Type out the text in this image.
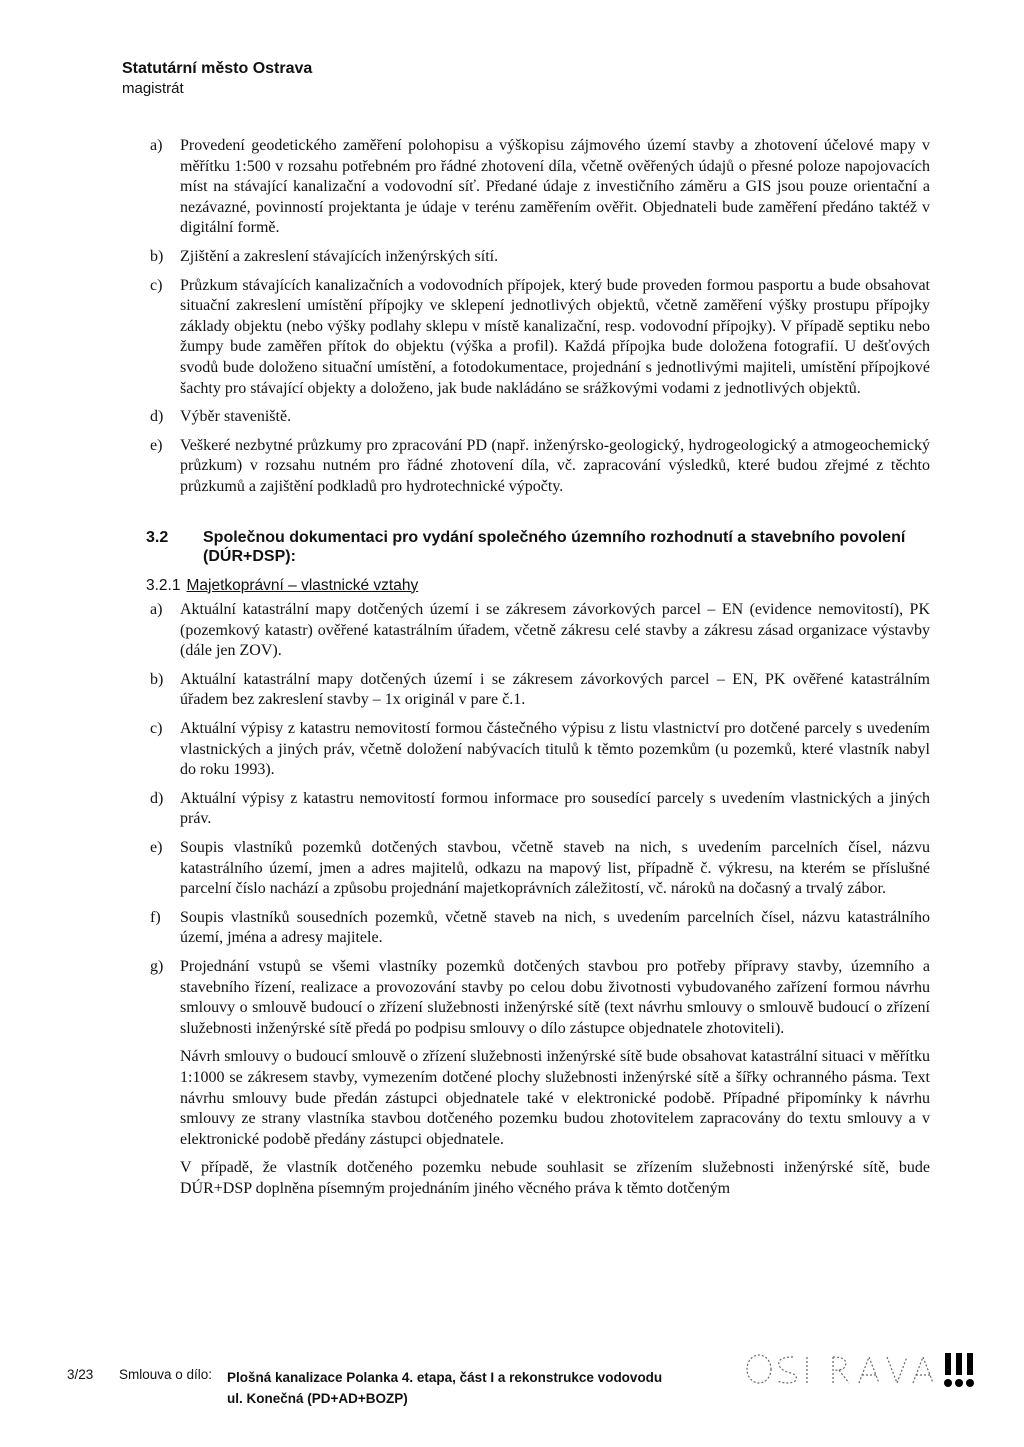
Statutární město Ostrava
magistrát
a) Provedení geodetického zaměření polohopisu a výškopisu zájmového území stavby a zhotovení účelové mapy v měřítku 1:500 v rozsahu potřebném pro řádné zhotovení díla, včetně ověřených údajů o přesné poloze napojovacích míst na stávající kanalizační a vodovodní síť. Předané údaje z investičního záměru a GIS jsou pouze orientační a nezávazné, povinností projektanta je údaje v terénu zaměřením ověřit. Objednateli bude zaměření předáno taktéž v digitální formě.
b) Zjištění a zakreslení stávajících inženýrských sítí.
c) Průzkum stávajících kanalizačních a vodovodních přípojek, který bude proveden formou pasportu a bude obsahovat situační zakreslení umístění přípojky ve sklepení jednotlivých objektů, včetně zaměření výšky prostupu přípojky základy objektu (nebo výšky podlahy sklepu v místě kanalizační, resp. vodovodní přípojky). V případě septiku nebo žumpy bude zaměřen přítok do objektu (výška a profil). Každá přípojka bude doložena fotografií. U dešťových svodů bude doloženo situační umístění, a fotodokumentace, projednání s jednotlivými majiteli, umístění přípojkové šachty pro stávající objekty a doloženo, jak bude nakládáno se srážkovými vodami z jednotlivých objektů.
d) Výběr staveniště.
e) Veškeré nezbytné průzkumy pro zpracování PD (např. inženýrsko-geologický, hydrogeologický a atmogeochemický průzkum) v rozsahu nutném pro řádné zhotovení díla, vč. zapracování výsledků, které budou zřejmé z těchto průzkumů a zajištění podkladů pro hydrotechnické výpočty.
3.2 Společnou dokumentaci pro vydání společného územního rozhodnutí a stavebního povolení (DÚR+DSP):
3.2.1 Majetkoprávní – vlastnické vztahy
a) Aktuální katastrální mapy dotčených území i se zákresem závorkových parcel – EN (evidence nemovitostí), PK (pozemkový katastr) ověřené katastrálním úřadem, včetně zákresu celé stavby a zákresu zásad organizace výstavby (dále jen ZOV).
b) Aktuální katastrální mapy dotčených území i se zákresem závorkových parcel – EN, PK ověřené katastrálním úřadem bez zakreslení stavby – 1x originál v pare č.1.
c) Aktuální výpisy z katastru nemovitostí formou částečného výpisu z listu vlastnictví pro dotčené parcely s uvedením vlastnických a jiných práv, včetně doložení nabývacích titulů k těmto pozemkům (u pozemků, které vlastník nabyl do roku 1993).
d) Aktuální výpisy z katastru nemovitostí formou informace pro sousedící parcely s uvedením vlastnických a jiných práv.
e) Soupis vlastníků pozemků dotčených stavbou, včetně staveb na nich, s uvedením parcelních čísel, názvu katastrálního území, jmen a adres majitelů, odkazu na mapový list, případně č. výkresu, na kterém se příslušné parcelní číslo nachází a způsobu projednání majetkoprávních záležitostí, vč. nároků na dočasný a trvalý zábor.
f) Soupis vlastníků sousedních pozemků, včetně staveb na nich, s uvedením parcelních čísel, názvu katastrálního území, jména a adresy majitele.
g) Projednání vstupů se všemi vlastníky pozemků dotčených stavbou pro potřeby přípravy stavby, územního a stavebního řízení, realizace a provozování stavby po celou dobu životnosti vybudovaného zařízení formou návrhu smlouvy o smlouvě budoucí o zřízení služebnosti inženýrské sítě (text návrhu smlouvy o smlouvě budoucí o zřízení služebnosti inženýrské sítě předá po podpisu smlouvy o dílo zástupce objednatele zhotoviteli).

Návrh smlouvy o budoucí smlouvě o zřízení služebnosti inženýrské sítě bude obsahovat katastrální situaci v měřítku 1:1000 se zákresem stavby, vymezením dotčené plochy služebnosti inženýrské sítě a šířky ochranného pásma. Text návrhu smlouvy bude předán zástupci objednatele také v elektronické podobě. Případné připomínky k návrhu smlouvy ze strany vlastníka stavbou dotčeného pozemku budou zhotovitelem zapracovány do textu smlouvy a v elektronické podobě předány zástupci objednatele.

V případě, že vlastník dotčeného pozemku nebude souhlasit se zřízením služebnosti inženýrské sítě, bude DÚR+DSP doplněna písemným projednáním jiného věcného práva k těmto dotčeným

3/23 Smlouva o dílo: Plošná kanalizace Polanka 4. etapa, část I a rekonstrukce vodovodu
ul. Konečná (PD+AD+BOZP)
